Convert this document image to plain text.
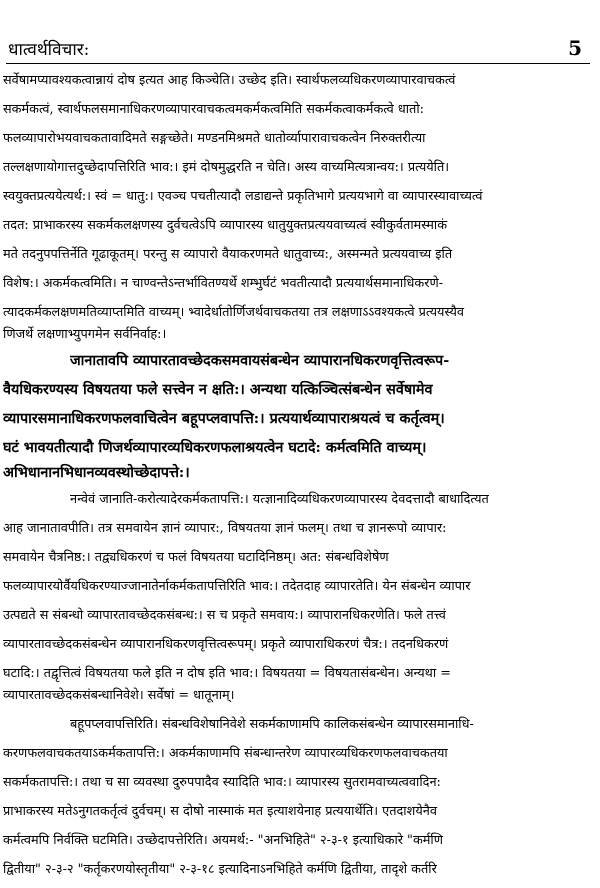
धात्वर्थविचार:	5
सर्वेषामप्यावश्यकत्वान्नायं दोष इत्यत आह किञ्चेति। उच्छेद इति। स्वार्थफलव्यधिकरणव्यापारवाचकत्वं
सकर्मकत्वं, स्वार्थफलसमानाधिकरणव्यापारवाचकत्वमकर्मकत्वमिति सकर्मकत्वाकर्मकत्वे धातो:
फलव्यापारोभयवाचकतावादिमते सङ्गच्छेते। मण्डनमिश्रमते धातोर्व्यापारावाचकत्वेन निरुक्तरीत्या
तल्लक्षणायोगात्तदुच्छेदापत्तिरिति भाव:। इमं दोषमुद्धरति न चेति। अस्य वाच्यमित्यत्रान्वय:। प्रत्ययेति।
स्वयुक्तप्रत्ययेत्यर्थ:। स्वं = धातु:। एवञ्च पचतीत्यादौ लडाद्यन्ते प्रकृतिभागे प्रत्ययभागे वा व्यापारस्यावाच्यत्वं
तदत: प्राभाकरस्य सकर्मकलक्षणस्य दुर्वचत्वेऽपि व्यापारस्य धातुयुक्तप्रत्ययवाच्यत्वं स्वीकुर्वतामस्माकं
मते तदनुपपत्तिर्नेति गूढाकूतम्। परन्तु स व्यापारो वैयाकरणमते धातुवाच्य:, अस्मन्मते प्रत्ययवाच्य इति
विशेष:। अकर्मकत्वमिति। न चाण्वन्तेऽन्तर्भावितण्यर्थे शम्भुर्घटं भवतीत्यादौ प्रत्ययार्थसमानाधिकरणे-
त्यादकर्मकलक्षणमतिव्याप्तमिति वाच्यम्। भ्वादेर्धातोर्णिजर्थवाचकतया तत्र लक्षणाऽऽवश्यकत्वे प्रत्ययस्यैव
णिजर्थे लक्षणाभ्युपगमेन सर्वनिर्वाह:।
जानातावपि व्यापारतावच्छेदकसमवायसंबन्धेन व्यापारानधिकरणवृत्तित्वरूप-
वैयधिकरण्यस्य विषयतया फले सत्त्वेन न क्षति:। अन्यथा यत्किञ्चित्संबन्धेन सर्वेषामेव
व्यापारसमानाधिकरणफलवाचित्वेन बहूपप्लवापत्ति:। प्रत्ययार्थव्यापाराश्रयत्वं च कर्तृत्वम्।
घटं भावयतीत्यादौ णिजर्थव्यापारव्यधिकरणफलाश्रयत्वेन घटादे: कर्मत्वमिति वाच्यम्।
अभिधानानभिधानव्यवस्थोच्छेदापत्ते:।
नन्वेवं जानाति-करोत्यादेरकर्मकतापत्ति:। यत्ज्ञानादिव्यधिकरणव्यापारस्य देवदत्तादौ बाधादित्यत
आह जानातावपीति। तत्र समवायेन ज्ञानं व्यापार:, विषयतया ज्ञानं फलम्। तथा च ज्ञानरूपो व्यापार:
समवायेन चैत्रनिष्ठ:। तद्व्यधिकरणं च फलं विषयतया घटादिनिष्ठम्। अत: संबन्धविशेषेण
फलव्यापारयोर्वैयधिकरण्याज्जानातेर्नाकर्मकतापत्तिरिति भाव:। तदेतदाह व्यापारतेति। येन संबन्धेन व्यापार
उत्पद्यते स संबन्धो व्यापारतावच्छेदकसंबन्ध:। स च प्रकृते समवाय:। व्यापारानधिकरणेति। फले तत्त्वं
व्यापारतावच्छेदकसंबन्धेन व्यापारानधिकरणवृत्तित्वरूपम्। प्रकृते व्यापाराधिकरणं चैत्र:। तदनधिकरणं
घटादि:। तद्वृत्तित्वं विषयतया फले इति न दोष इति भाव:। विषयतया = विषयतासंबन्धेन। अन्यथा =
व्यापारतावच्छेदकसंबन्धानिवेशे। सर्वेषां = धातूनाम्।
बहूपप्लवापत्तिरिति। संबन्धविशेषानिवेशे सकर्मकाणामपि कालिकसंबन्धेन व्यापारसमानाधि-
करणफलवाचकतयाऽकर्मकतापत्ति:। अकर्मकाणामपि संबन्धान्तरेण व्यापारव्यधिकरणफलवाचकतया
सकर्मकतापत्ति:। तथा च सा व्यवस्था दुरुपपादैव स्यादिति भाव:। व्यापारस्य सुतरामवाच्यत्ववादिन:
प्राभाकरस्य मतेऽनुगतकर्तृत्वं दुर्वचम्। स दोषो नास्माकं मत इत्याशयेनाह प्रत्ययार्थेति। एतदाशयेनैव
कर्मत्वमपि निर्वक्ति घटमिति। उच्छेदापत्तेरिति। अयमर्थ:- "अनभिहिते" २-३-१ इत्याधिकारे "कर्मणि
द्वितीया" २-३-२ "कर्तृकरणयोस्तृतीया" २-३-१८ इत्यादिनाऽनभिहिते कर्मणि द्वितीया, तादृशे कर्तरि
